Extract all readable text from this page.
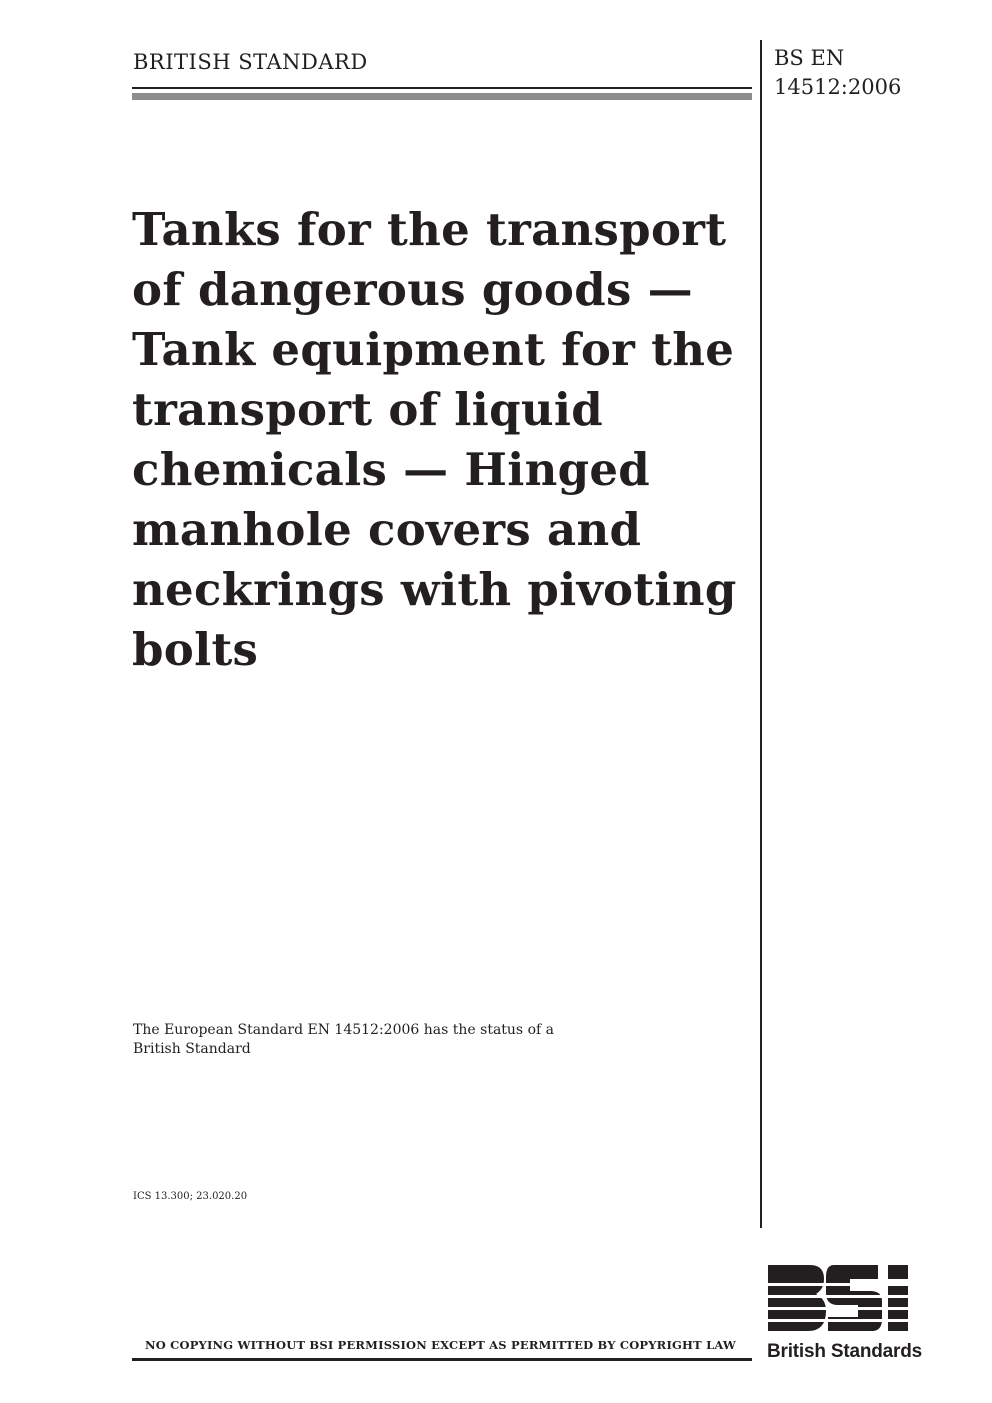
BRITISH STANDARD	BS EN
14512:2006
Tanks for the transport of dangerous goods — Tank equipment for the transport of liquid chemicals — Hinged manhole covers and neckrings with pivoting bolts
The European Standard EN 14512:2006 has the status of a British Standard
ICS 13.300; 23.020.20
NO COPYING WITHOUT BSI PERMISSION EXCEPT AS PERMITTED BY COPYRIGHT LAW	British Standards
